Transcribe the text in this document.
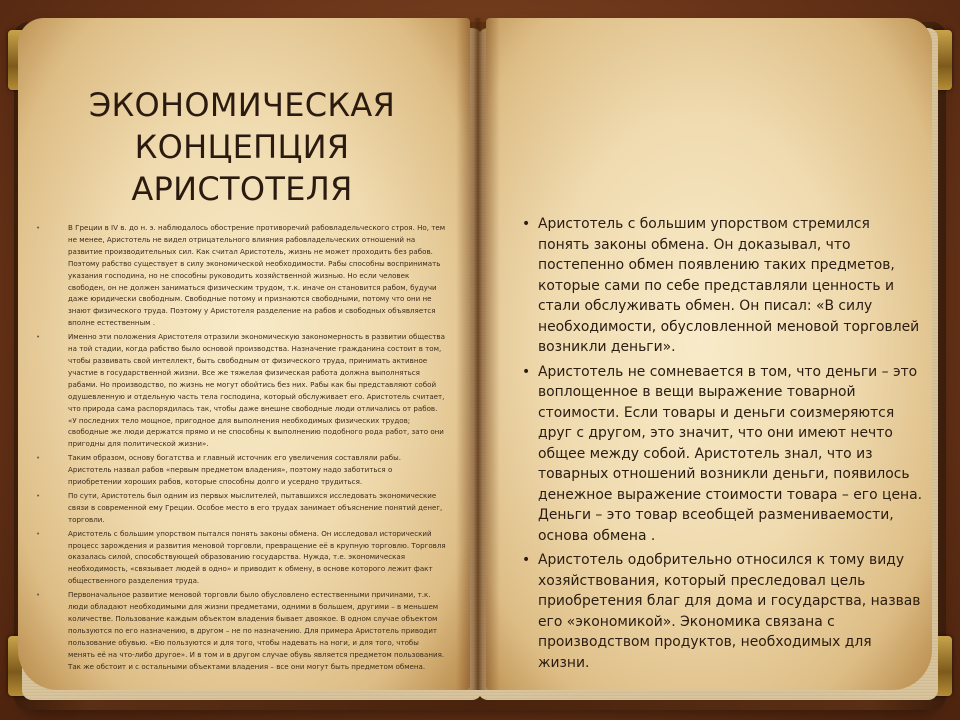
ЭКОНОМИЧЕСКАЯ КОНЦЕПЦИЯ АРИСТОТЕЛЯ
• В Греции в IV в. до н. э. наблюдалось обострение противоречий рабовладельческого строя. Но, тем не менее, Аристотель не видел отрицательного влияния рабовладельческих отношений на развитие производительных сил. Как считал Аристотель, жизнь не может проходить без рабов. Поэтому рабство существует в силу экономической необходимости. Рабы способны воспринимать указания господина, но не способны руководить хозяйственной жизнью. Но если человек свободен, он не должен заниматься физическим трудом, т.к. иначе он становится рабом, будучи даже юридически свободным. Свободные потому и признаются свободными, потому что они не знают физического труда. Поэтому у Аристотеля разделение на рабов и свободных объявляется вполне естественным .
• Именно эти положения Аристотеля отразили экономическую закономерность в развитии общества на той стадии, когда рабство было основой производства. Назначение гражданина состоит в том, чтобы развивать свой интеллект, быть свободным от физического труда, принимать активное участие в государственной жизни. Все же тяжелая физическая работа должна выполняться рабами. Но производство, по жизнь не могут обойтись без них. Рабы как бы представляют собой одушевленную и отдельную часть тела господина, который обслуживает его. Аристотель считает, что природа сама распорядилась так, чтобы даже внешне свободные люди отличались от рабов. «У последних тело мощное, пригодное для выполнения необходимых физических трудов; свободные же люди держатся прямо и не способны к выполнению подобного рода работ, зато они пригодны для политической жизни».
• Таким образом, основу богатства и главный источник его увеличения составляли рабы. Аристотель назвал рабов «первым предметом владения», поэтому надо заботиться о приобретении хороших рабов, которые способны долго и усердно трудиться.
• По сути, Аристотель был одним из первых мыслителей, пытавшихся исследовать экономические связи в современной ему Греции. Особое место в его трудах занимает объяснение понятий денег, торговли.
• Аристотель с большим упорством пытался понять законы обмена. Он исследовал исторический процесс зарождения и развития меновой торговли, превращение её в крупную торговлю. Торговля оказалась силой, способствующей образованию государства. Нужда, т.е. экономическая необходимость, «связывает людей в одно» и приводит к обмену, в основе которого лежит факт общественного разделения труда.
• Первоначальное развитие меновой торговли было обусловлено естественными причинами, т.к. люди обладают необходимыми для жизни предметами, одними в большем, другими – в меньшем количестве. Пользование каждым объектом владения бывает двоякое. В одном случае объектом пользуются по его назначению, в другом – не по назначению. Для примера Аристотель приводит пользование обувью. «Ею пользуются и для того, чтобы надевать на ноги, и для того, чтобы менять её на что-либо другое». И в том и в другом случае обувь является предметом пользования. Так же обстоит и с остальными объектами владения – все они могут быть предметом обмена.
• Аристотель с большим упорством стремился понять законы обмена. Он доказывал, что постепенно обмен появлению таких предметов, которые сами по себе представляли ценность и стали обслуживать обмен. Он писал: «В силу необходимости, обусловленной меновой торговлей возникли деньги».
• Аристотель не сомневается в том, что деньги – это воплощенное в вещи выражение товарной стоимости. Если товары и деньги соизмеряются друг с другом, это значит, что они имеют нечто общее между собой. Аристотель знал, что из товарных отношений возникли деньги, появилось денежное выражение стоимости товара – его цена. Деньги – это товар всеобщей размениваемости, основа обмена .
• Аристотель одобрительно относился к тому виду хозяйствования, который преследовал цель приобретения благ для дома и государства, назвав его «экономикой». Экономика связана с производством продуктов, необходимых для жизни.
